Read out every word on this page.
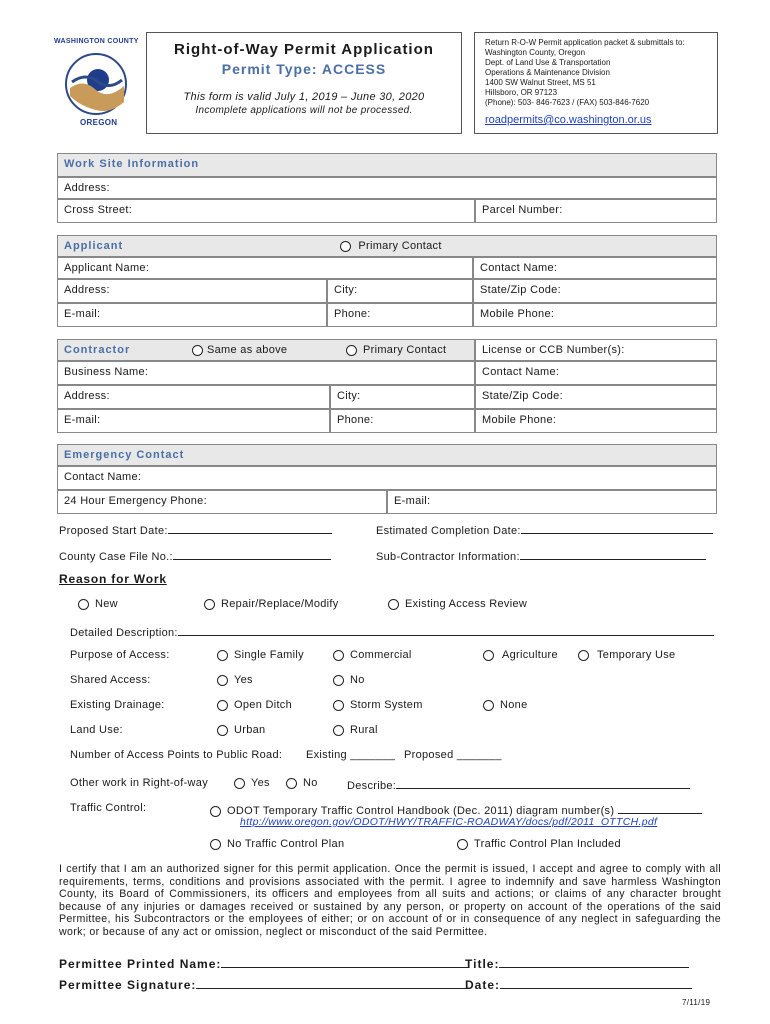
WASHINGTON COUNTY
OREGON
Right-of-Way Permit Application
Permit Type: ACCESS
This form is valid July 1, 2019 – June 30, 2020
Incomplete applications will not be processed.
Return R-O-W Permit application packet & submittals to:
Washington County, Oregon
Dept. of Land Use & Transportation
Operations & Maintenance Division
1400 SW Walnut Street, MS 51
Hillsboro, OR 97123
(Phone): 503- 846-7623 / (FAX) 503-846-7620
roadpermits@co.washington.or.us
Work Site Information
Address:
Cross Street:	Parcel Number:
Applicant	Primary Contact
Applicant Name:	Contact Name:
Address:	City:	State/Zip Code:
E-mail:	Phone:	Mobile Phone:
Contractor	Same as above	Primary Contact	License or CCB Number(s):
Business Name:	Contact Name:
Address:	City:	State/Zip Code:
E-mail:	Phone:	Mobile Phone:
Emergency Contact
Contact Name:
24 Hour Emergency Phone:	E-mail:
Proposed Start Date:	Estimated Completion Date:
County Case File No.:	Sub-Contractor Information:
Reason for Work
New	Repair/Replace/Modify	Existing Access Review
Detailed Description:
Purpose of Access:	Single Family	Commercial	Agriculture	Temporary Use
Shared Access:	Yes	No
Existing Drainage:	Open Ditch	Storm System	None
Land Use:	Urban	Rural
Number of Access Points to Public Road: Existing _______ Proposed _______
Other work in Right-of-way	Yes	No	Describe:
Traffic Control:	ODOT Temporary Traffic Control Handbook (Dec. 2011) diagram number(s)
http://www.oregon.gov/ODOT/HWY/TRAFFIC-ROADWAY/docs/pdf/2011_OTTCH.pdf
No Traffic Control Plan	Traffic Control Plan Included
I certify that I am an authorized signer for this permit application. Once the permit is issued, I accept and agree to comply with all requirements, terms, conditions and provisions associated with the permit. I agree to indemnify and save harmless Washington County, its Board of Commissioners, its officers and employees from all suits and actions; or claims of any character brought because of any injuries or damages received or sustained by any person, or property on account of the operations of the said Permittee, his Subcontractors or the employees of either; or on account of or in consequence of any neglect in safeguarding the work; or because of any act or omission, neglect or misconduct of the said Permittee.
Permittee Printed Name:	Title:
Permittee Signature:	Date:
7/11/19
